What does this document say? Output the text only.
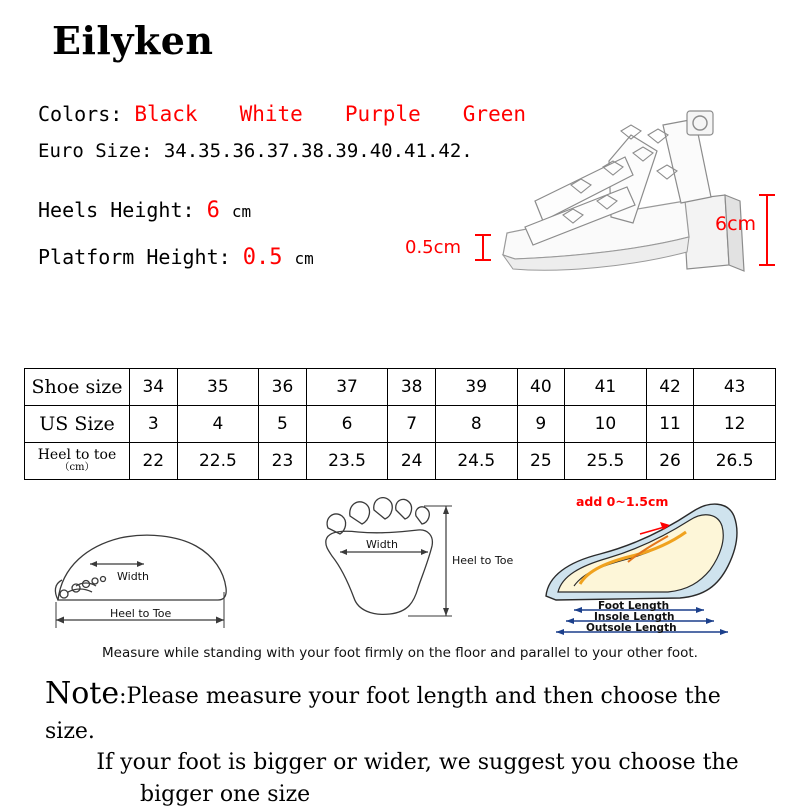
Eilyken
Colors: Black White Purple Green
Euro Size: 34.35.36.37.38.39.40.41.42.
Heels Height: 6 cm
Platform Height: 0.5 cm
6cm
0.5cm
Shoe size	34	35	36	37	38	39	40	41	42	43
US Size	3	4	5	6	7	8	9	10	11	12
Heel to toe
（cm）	22	22.5	23	23.5	24	24.5	25	25.5	26	26.5
Width
Heel to Toe
Width
Heel to Toe
add 0~1.5cm
Foot Length
Insole Length
Outsole Length
Measure while standing with your foot firmly on the floor and parallel to your other foot.
Note:Please measure your foot length and then choose the size.
If your foot is bigger or wider, we suggest you choose the
bigger one size
